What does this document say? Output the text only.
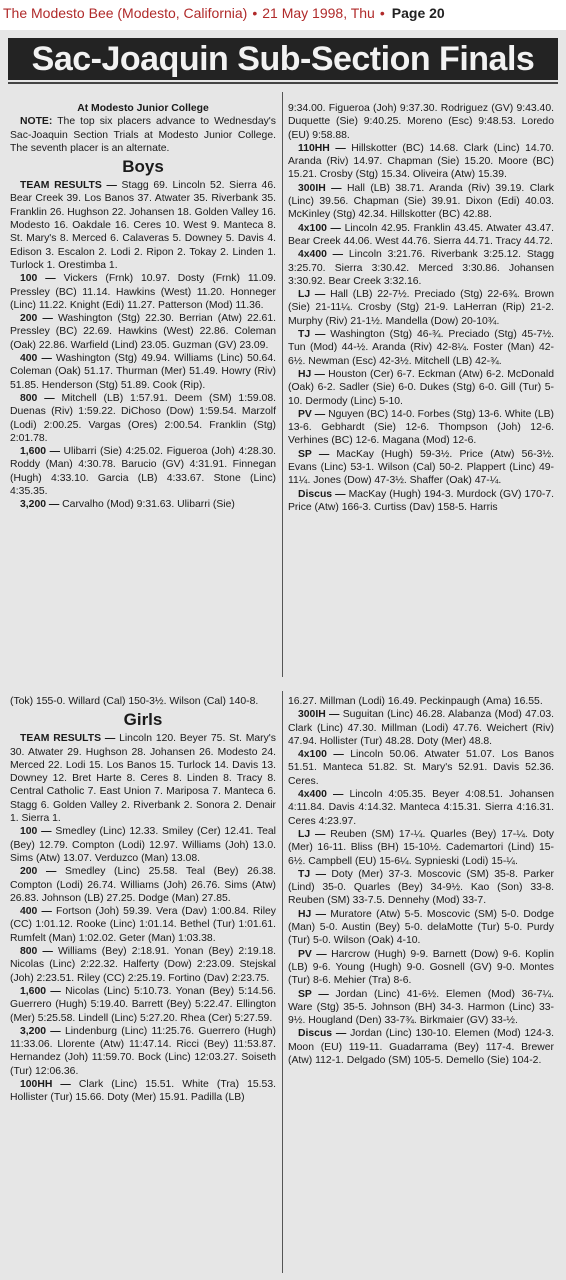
The Modesto Bee (Modesto, California) • 21 May 1998, Thu • Page 20
Sac-Joaquin Sub-Section Finals

At Modesto Junior College

NOTE: The top six placers advance to Wednesday's Sac-Joaquin Section Trials at Modesto Junior College. The seventh placer is an alternate.

Boys

TEAM RESULTS — Stagg 69. Lincoln 52. Sierra 46. Bear Creek 39. Los Banos 37. Atwater 35. Riverbank 35. Franklin 26. Hughson 22. Johansen 18. Golden Valley 16. Modesto 16. Oakdale 16. Ceres 10. West 9. Manteca 8. St. Mary's 8. Merced 6. Calaveras 5. Downey 5. Davis 4. Edison 3. Escalon 2. Lodi 2. Ripon 2. Tokay 2. Linden 1. Turlock 1. Orestimba 1.

100 — Vickers (Frnk) 10.97. Dosty (Frnk) 11.09. Pressley (BC) 11.14. Hawkins (West) 11.20. Honneger (Linc) 11.22. Knight (Edi) 11.27. Patterson (Mod) 11.36.

200 — Washington (Stg) 22.30. Berrian (Atw) 22.61. Pressley (BC) 22.69. Hawkins (West) 22.86. Coleman (Oak) 22.86. Warfield (Lind) 23.05. Guzman (GV) 23.09.

400 — Washington (Stg) 49.94. Williams (Linc) 50.64. Coleman (Oak) 51.17. Thurman (Mer) 51.49. Howry (Riv) 51.85. Henderson (Stg) 51.89. Cook (Rip).

800 — Mitchell (LB) 1:57.91. Deem (SM) 1:59.08. Duenas (Riv) 1:59.22. DiChoso (Dow) 1:59.54. Marzolf (Lodi) 2:00.25. Vargas (Ores) 2:00.54. Franklin (Stg) 2:01.78.

1,600 — Ulibarri (Sie) 4:25.02. Figueroa (Joh) 4:28.30. Roddy (Man) 4:30.78. Barucio (GV) 4:31.91. Finnegan (Hugh) 4:33.10. Garcia (LB) 4:33.67. Stone (Linc) 4:35.35.

3,200 — Carvalho (Mod) 9:31.63. Ulibarri (Sie)

9:34.00. Figueroa (Joh) 9:37.30. Rodriguez (GV) 9:43.40. Duquette (Sie) 9:40.25. Moreno (Esc) 9:48.53. Loredo (EU) 9:58.88.

110HH — Hillskotter (BC) 14.68. Clark (Linc) 14.70. Aranda (Riv) 14.97. Chapman (Sie) 15.20. Moore (BC) 15.21. Crosby (Stg) 15.34. Oliveira (Atw) 15.39.

300IH — Hall (LB) 38.71. Aranda (Riv) 39.19. Clark (Linc) 39.56. Chapman (Sie) 39.91. Dixon (Edi) 40.03. McKinley (Stg) 42.34. Hillskotter (BC) 42.88.

4x100 — Lincoln 42.95. Franklin 43.45. Atwater 43.47. Bear Creek 44.06. West 44.76. Sierra 44.71. Tracy 44.72.

4x400 — Lincoln 3:21.76. Riverbank 3:25.12. Stagg 3:25.70. Sierra 3:30.42. Merced 3:30.86. Johansen 3:30.92. Bear Creek 3:32.16.

LJ — Hall (LB) 22-7½. Preciado (Stg) 22-6¾. Brown (Sie) 21-11¼. Crosby (Stg) 21-9. LaHerran (Rip) 21-2. Murphy (Riv) 21-1½. Mandella (Dow) 20-10¾.

TJ — Washington (Stg) 46-¾. Preciado (Stg) 45-7½. Tun (Mod) 44-½. Aranda (Riv) 42-8¼. Foster (Man) 42-6½. Newman (Esc) 42-3½. Mitchell (LB) 42-¾.

HJ — Houston (Cer) 6-7. Eckman (Atw) 6-2. McDonald (Oak) 6-2. Sadler (Sie) 6-0. Dukes (Stg) 6-0. Gill (Tur) 5-10. Dermody (Linc) 5-10.

PV — Nguyen (BC) 14-0. Forbes (Stg) 13-6. White (LB) 13-6. Gebhardt (Sie) 12-6. Thompson (Joh) 12-6. Verhines (BC) 12-6. Magana (Mod) 12-6.

SP — MacKay (Hugh) 59-3½. Price (Atw) 56-3½. Evans (Linc) 53-1. Wilson (Cal) 50-2. Plappert (Linc) 49-11¼. Jones (Dow) 47-3½. Shaffer (Oak) 47-¼.

Discus — MacKay (Hugh) 194-3. Murdock (GV) 170-7. Price (Atw) 166-3. Curtiss (Dav) 158-5. Harris

(Tok) 155-0. Willard (Cal) 150-3½. Wilson (Cal) 140-8.

Girls

TEAM RESULTS — Lincoln 120. Beyer 75. St. Mary's 30. Atwater 29. Hughson 28. Johansen 26. Modesto 24. Merced 22. Lodi 15. Los Banos 15. Turlock 14. Davis 13. Downey 12. Bret Harte 8. Ceres 8. Linden 8. Tracy 8. Central Catholic 7. East Union 7. Mariposa 7. Manteca 6. Stagg 6. Golden Valley 2. Riverbank 2. Sonora 2. Denair 1. Sierra 1.

100 — Smedley (Linc) 12.33. Smiley (Cer) 12.41. Teal (Bey) 12.79. Compton (Lodi) 12.97. Williams (Joh) 13.0. Sims (Atw) 13.07. Verduzco (Man) 13.08.

200 — Smedley (Linc) 25.58. Teal (Bey) 26.38. Compton (Lodi) 26.74. Williams (Joh) 26.76. Sims (Atw) 26.83. Johnson (LB) 27.25. Dodge (Man) 27.85.

400 — Fortson (Joh) 59.39. Vera (Dav) 1:00.84. Riley (CC) 1:01.12. Rooke (Linc) 1:01.14. Bethel (Tur) 1:01.61. Rumfelt (Man) 1:02.02. Geter (Man) 1:03.38.

800 — Williams (Bey) 2:18.91. Yonan (Bey) 2:19.18. Nicolas (Linc) 2:22.32. Halferty (Dow) 2:23.09. Stejskal (Joh) 2:23.51. Riley (CC) 2:25.19. Fortino (Dav) 2:23.75.

1,600 — Nicolas (Linc) 5:10.73. Yonan (Bey) 5:14.56. Guerrero (Hugh) 5:19.40. Barrett (Bey) 5:22.47. Ellington (Mer) 5:25.58. Lindell (Linc) 5:27.20. Rhea (Cer) 5:27.59.

3,200 — Lindenburg (Linc) 11:25.76. Guerrero (Hugh) 11:33.06. Llorente (Atw) 11:47.14. Ricci (Bey) 11:53.87. Hernandez (Joh) 11:59.70. Bock (Linc) 12:03.27. Soiseth (Tur) 12:06.36.

100HH — Clark (Linc) 15.51. White (Tra) 15.53. Hollister (Tur) 15.66. Doty (Mer) 15.91. Padilla (LB)

16.27. Millman (Lodi) 16.49. Peckinpaugh (Ama) 16.55.

300IH — Suguitan (Linc) 46.28. Alabanza (Mod) 47.03. Clark (Linc) 47.30. Millman (Lodi) 47.76. Weichert (Riv) 47.94. Hollister (Tur) 48.28. Doty (Mer) 48.8.

4x100 — Lincoln 50.06. Atwater 51.07. Los Banos 51.51. Manteca 51.82. St. Mary's 52.91. Davis 52.36. Ceres.

4x400 — Lincoln 4:05.35. Beyer 4:08.51. Johansen 4:11.84. Davis 4:14.32. Manteca 4:15.31. Sierra 4:16.31. Ceres 4:23.97.

LJ — Reuben (SM) 17-¼. Quarles (Bey) 17-¼. Doty (Mer) 16-11. Bliss (BH) 15-10½. Cademartori (Lind) 15-6½. Campbell (EU) 15-6¼. Sypnieski (Lodi) 15-¼.

TJ — Doty (Mer) 37-3. Moscovic (SM) 35-8. Parker (Lind) 35-0. Quarles (Bey) 34-9½. Kao (Son) 33-8. Reuben (SM) 33-7.5. Dennehy (Mod) 33-7.

HJ — Muratore (Atw) 5-5. Moscovic (SM) 5-0. Dodge (Man) 5-0. Austin (Bey) 5-0. delaMotte (Tur) 5-0. Purdy (Tur) 5-0. Wilson (Oak) 4-10.

PV — Harcrow (Hugh) 9-9. Barnett (Dow) 9-6. Koplin (LB) 9-6. Young (Hugh) 9-0. Gosnell (GV) 9-0. Montes (Tur) 8-6. Mehier (Tra) 8-6.

SP — Jordan (Linc) 41-6½. Elemen (Mod) 36-7¼. Ware (Stg) 35-5. Johnson (BH) 34-3. Harmon (Linc) 33-9½. Hougland (Den) 33-7¾. Birkmaier (GV) 33-½.

Discus — Jordan (Linc) 130-10. Elemen (Mod) 124-3. Moon (EU) 119-11. Guadarrama (Bey) 117-4. Brewer (Atw) 112-1. Delgado (SM) 105-5. Demello (Sie) 104-2.
